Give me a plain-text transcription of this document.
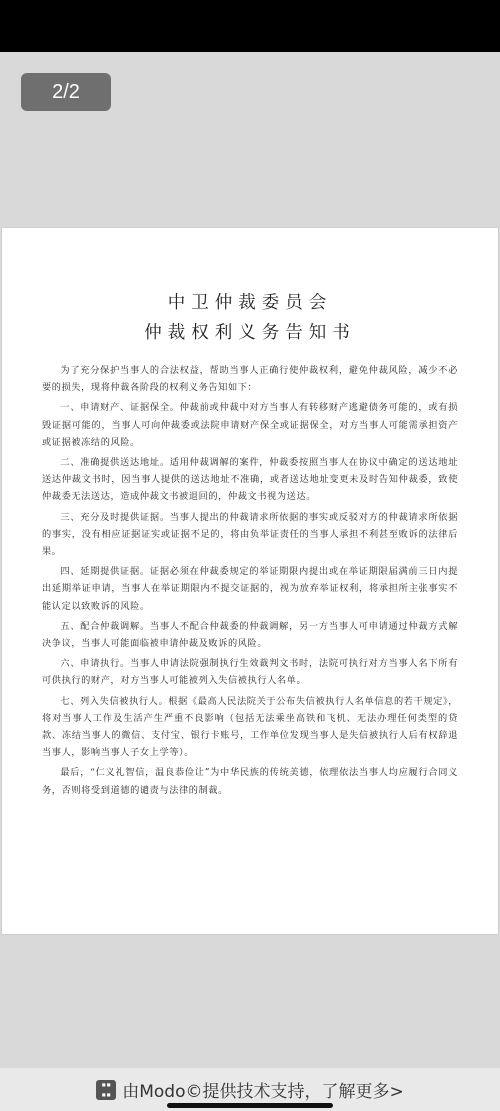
2/2

中卫仲裁委员会

仲裁权利义务告知书

为了充分保护当事人的合法权益，帮助当事人正确行使仲裁权利，避免仲裁风险，减少不必要的损失，现将仲裁各阶段的权利义务告知如下：

一、申请财产、证据保全。仲裁前或仲裁中对方当事人有转移财产逃避债务可能的，或有损毁证据可能的，当事人可向仲裁委或法院申请财产保全或证据保全，对方当事人可能需承担资产或证据被冻结的风险。

二、准确提供送达地址。适用仲裁调解的案件，仲裁委按照当事人在协议中确定的送达地址送达仲裁文书时，因当事人提供的送达地址不准确，或者送达地址变更未及时告知仲裁委，致使仲裁委无法送达，造成仲裁文书被退回的，仲裁文书视为送达。

三、充分及时提供证据。当事人提出的仲裁请求所依据的事实或反驳对方的仲裁请求所依据的事实，没有相应证据证实或证据不足的，将由负举证责任的当事人承担不利甚至败诉的法律后果。

四、延期提供证据。证据必须在仲裁委规定的举证期限内提出或在举证期限届满前三日内提出延期举证申请，当事人在举证期限内不提交证据的，视为放弃举证权利，将承担所主张事实不能认定以致败诉的风险。

五、配合仲裁调解。当事人不配合仲裁委的仲裁调解，另一方当事人可申请通过仲裁方式解决争议，当事人可能面临被申请仲裁及败诉的风险。

六、申请执行。当事人申请法院强制执行生效裁判文书时，法院可执行对方当事人名下所有可供执行的财产，对方当事人可能被列入失信被执行人名单。

七、列入失信被执行人。根据《最高人民法院关于公布失信被执行人名单信息的若干规定》，将对当事人工作及生活产生严重不良影响（包括无法乘坐高铁和飞机、无法办理任何类型的贷款、冻结当事人的微信、支付宝、银行卡账号，工作单位发现当事人是失信被执行人后有权辞退当事人，影响当事人子女上学等）。

最后，“仁义礼智信，温良恭俭让”为中华民族的传统美德，依理依法当事人均应履行合同义务，否则将受到道德的谴责与法律的制裁。

▪▪
▪▪ 由Modo©提供技术支持，了解更多>
